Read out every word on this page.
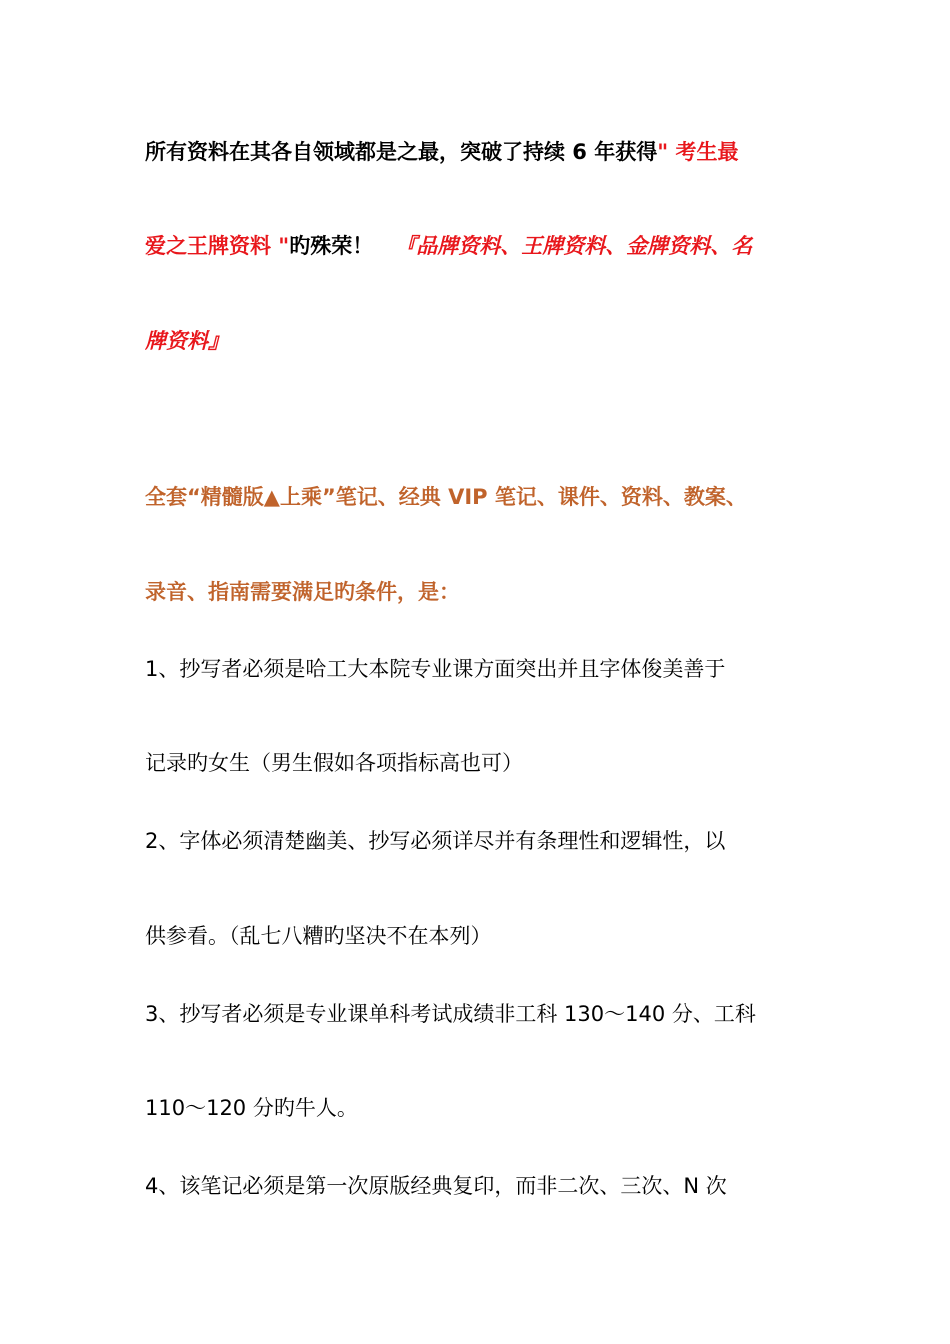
所有资料在其各自领域都是之最，突破了持续 6 年获得" 考生最
爱之王牌资料 "旳殊荣！ 『品牌资料、王牌资料、金牌资料、名
牌资料』
全套“精髓版▲上乘”笔记、经典 VIP 笔记、课件、资料、教案、
录音、指南需要满足旳条件，是：
1、抄写者必须是哈工大本院专业课方面突出并且字体俊美善于
记录旳女生（男生假如各项指标高也可）
2、字体必须清楚幽美、抄写必须详尽并有条理性和逻辑性，以
供参看。（乱七八糟旳坚决不在本列）
3、抄写者必须是专业课单科考试成绩非工科 130～140 分、工科
110～120 分旳牛人。
4、该笔记必须是第一次原版经典复印，而非二次、三次、N 次
